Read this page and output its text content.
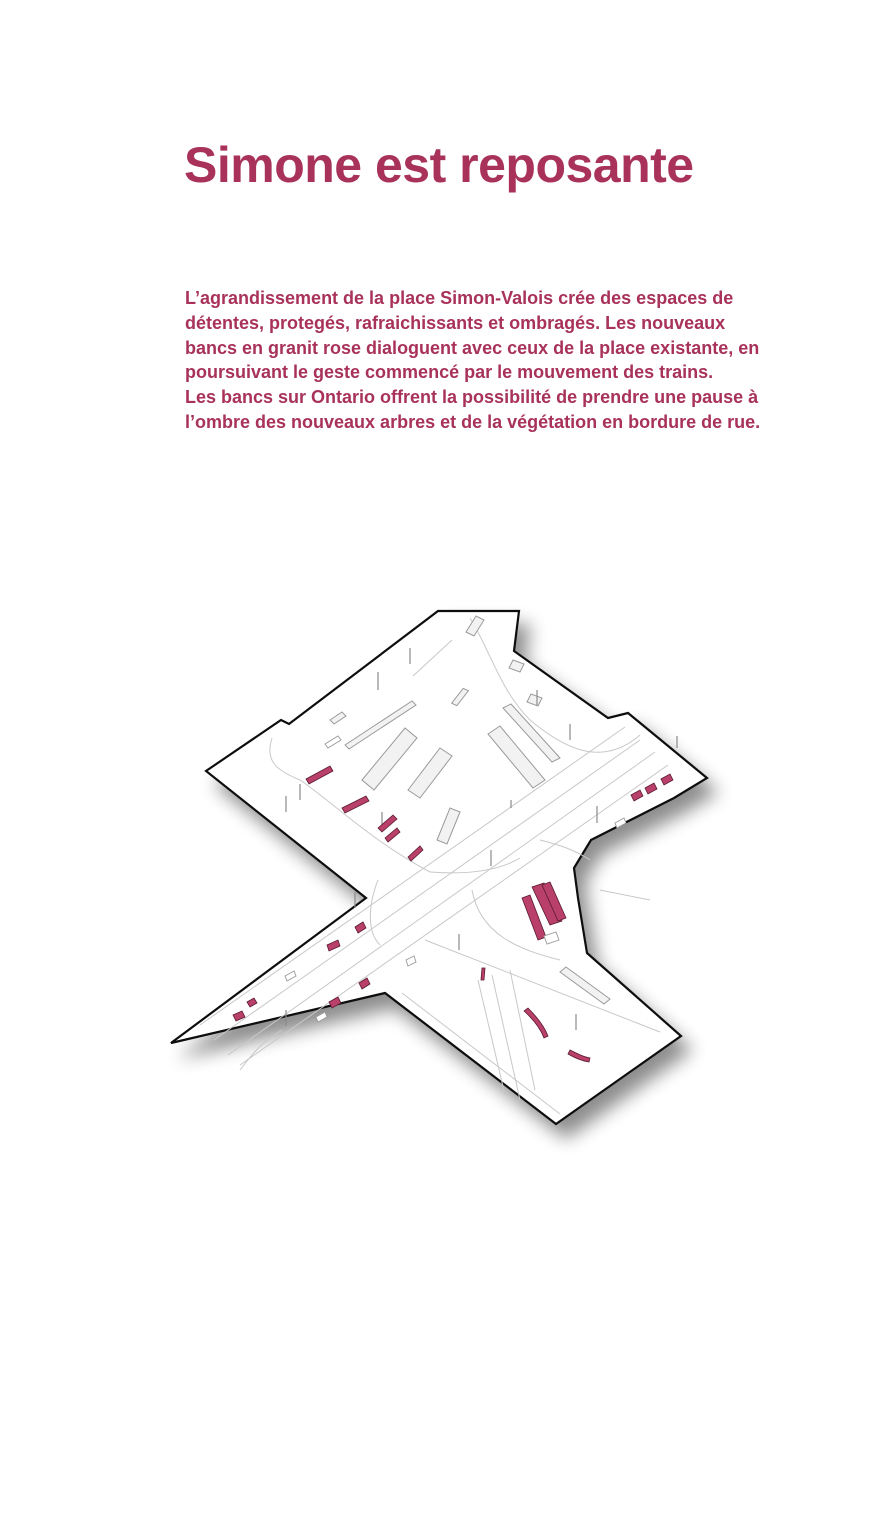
Simone est reposante

L’agrandissement de la place Simon-Valois crée des espaces de détentes, protegés, rafraichissants et ombragés. Les nouveaux bancs en granit rose dialoguent avec ceux de la place existante, en poursuivant le geste commencé par le mouvement des trains.

Les bancs sur Ontario offrent la possibilité de prendre une pause à l’ombre des nouveaux arbres et de la végétation en bordure de rue.
